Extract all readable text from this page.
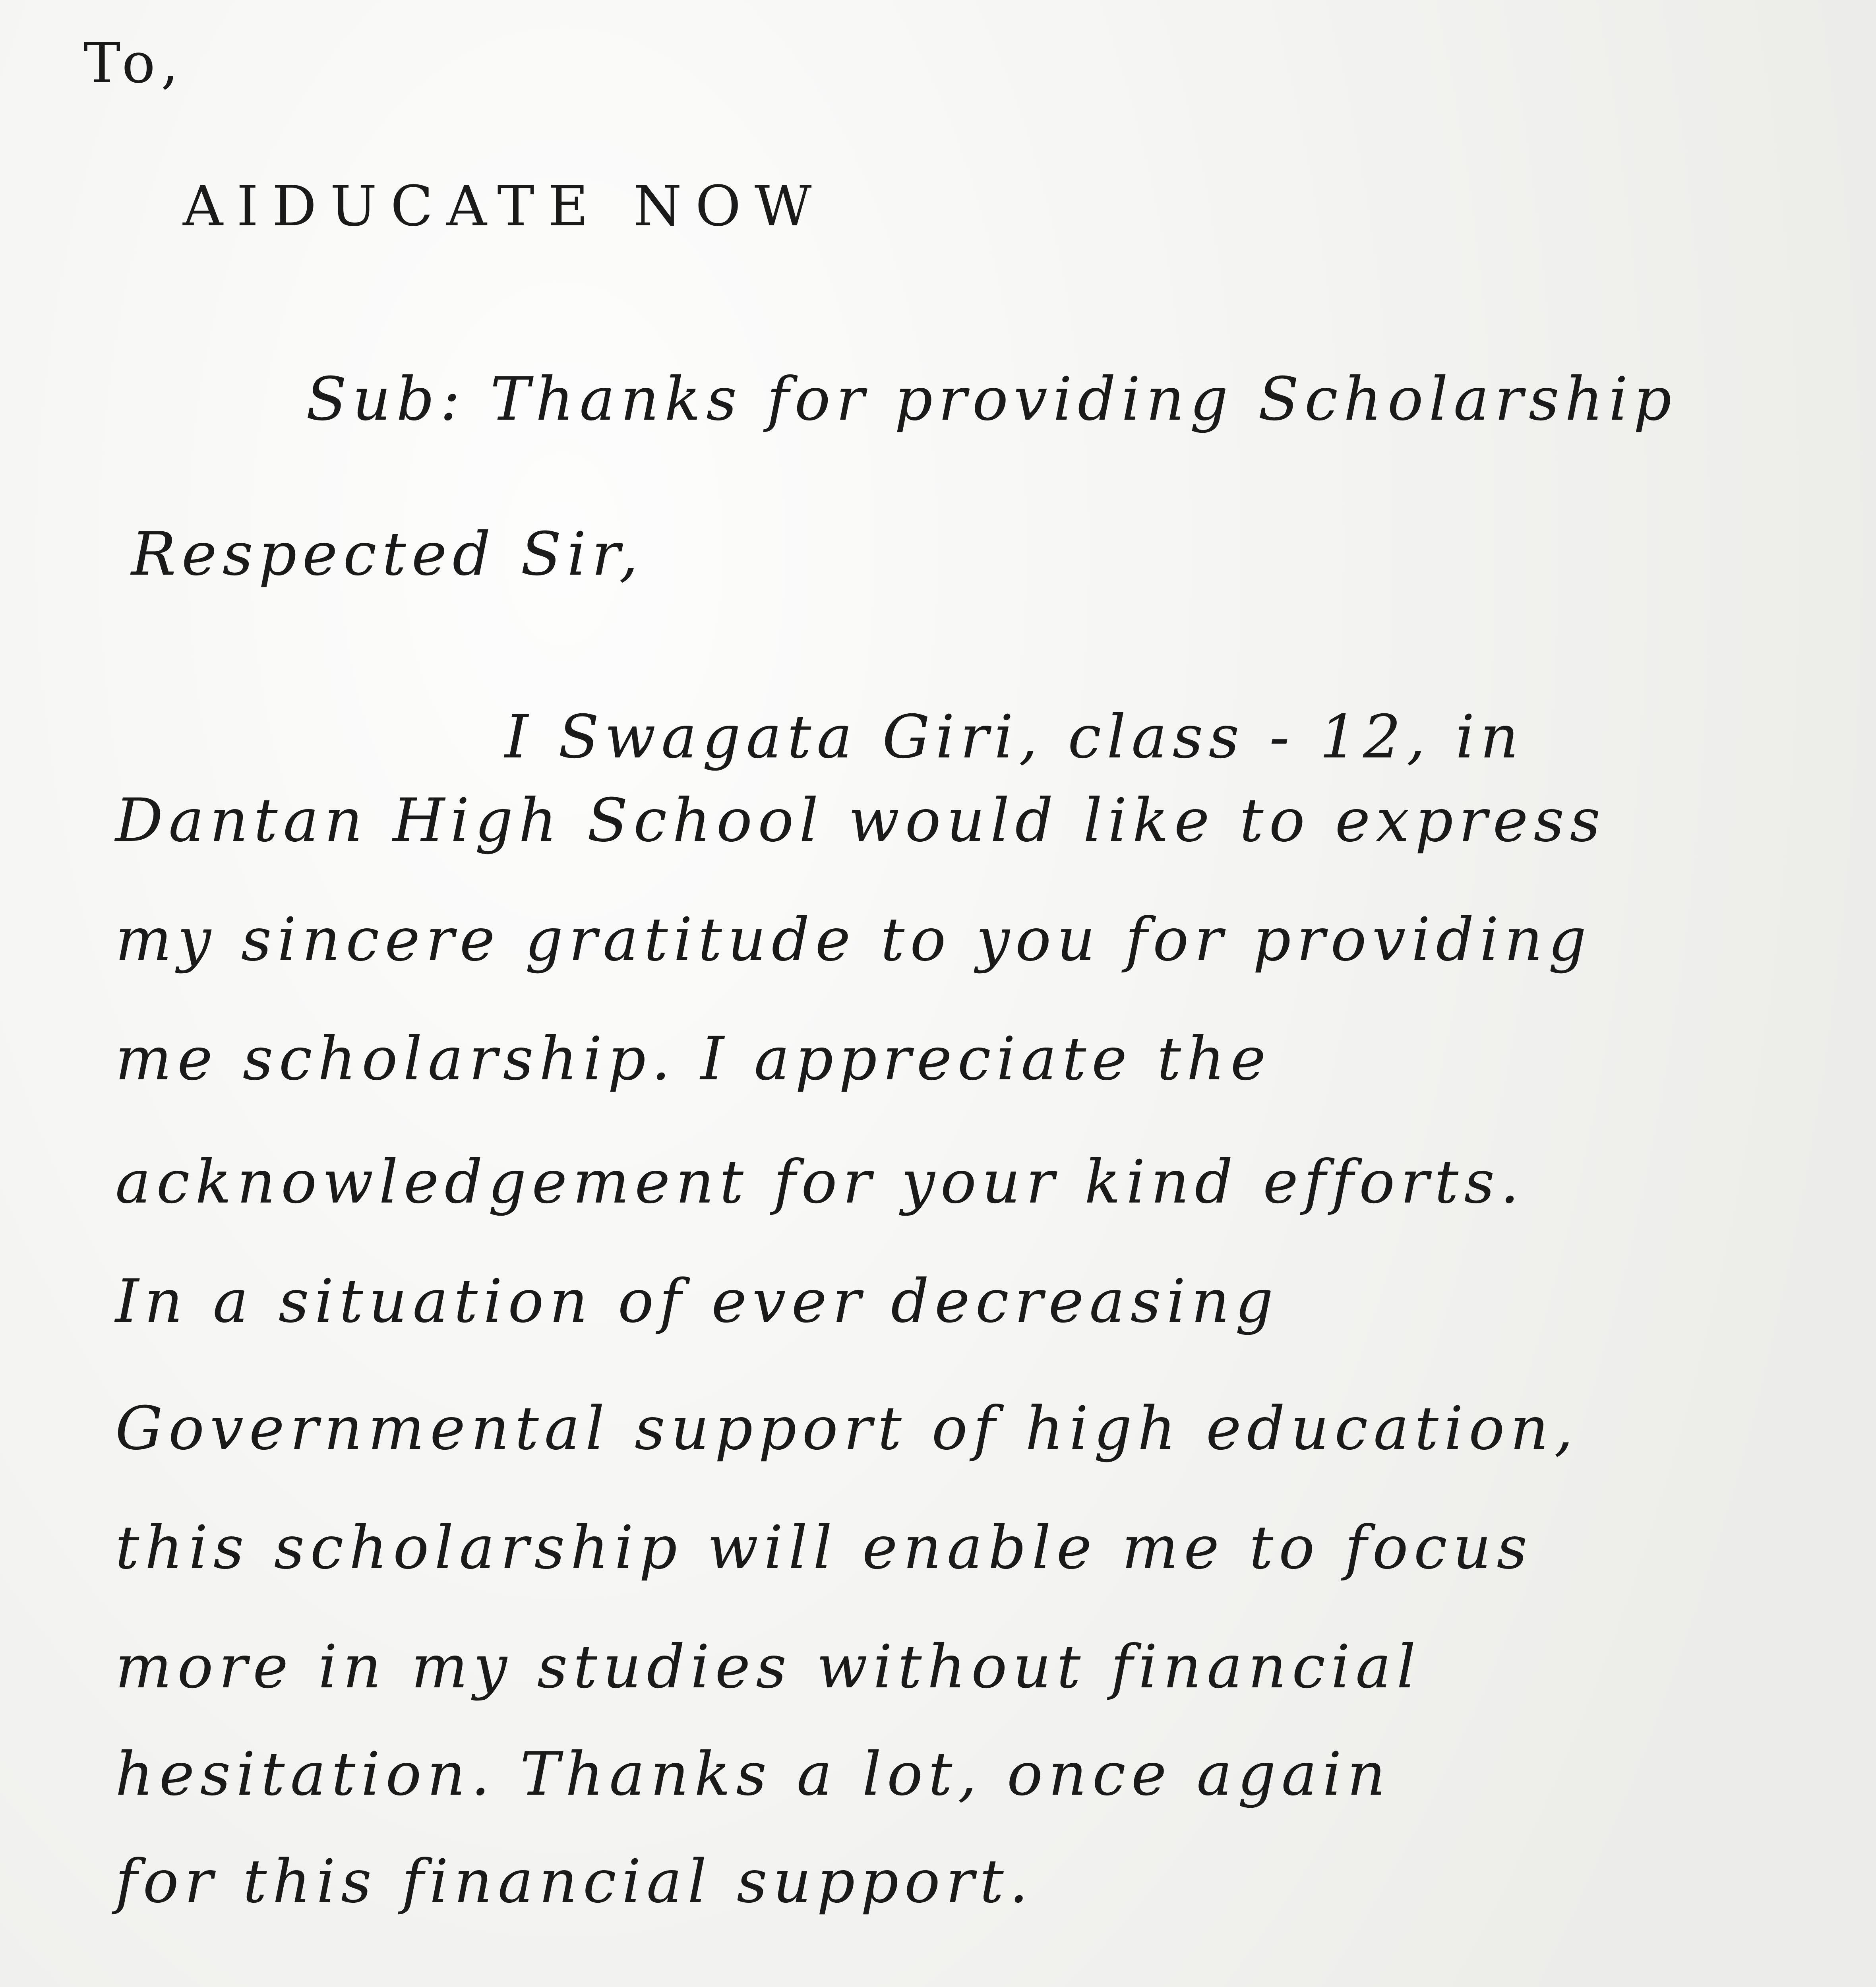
To,
AIDUCATE NOW
Sub: Thanks for providing Scholarship
Respected Sir,
I Swagata Giri, class - 12, in
Dantan High School would like to express
my sincere gratitude to you for providing
me scholarship. I appreciate the
acknowledgement for your kind efforts.
In a situation of ever decreasing
Governmental support of high education,
this scholarship will enable me to focus
more in my studies without financial
hesitation. Thanks a lot, once again
for this financial support.
